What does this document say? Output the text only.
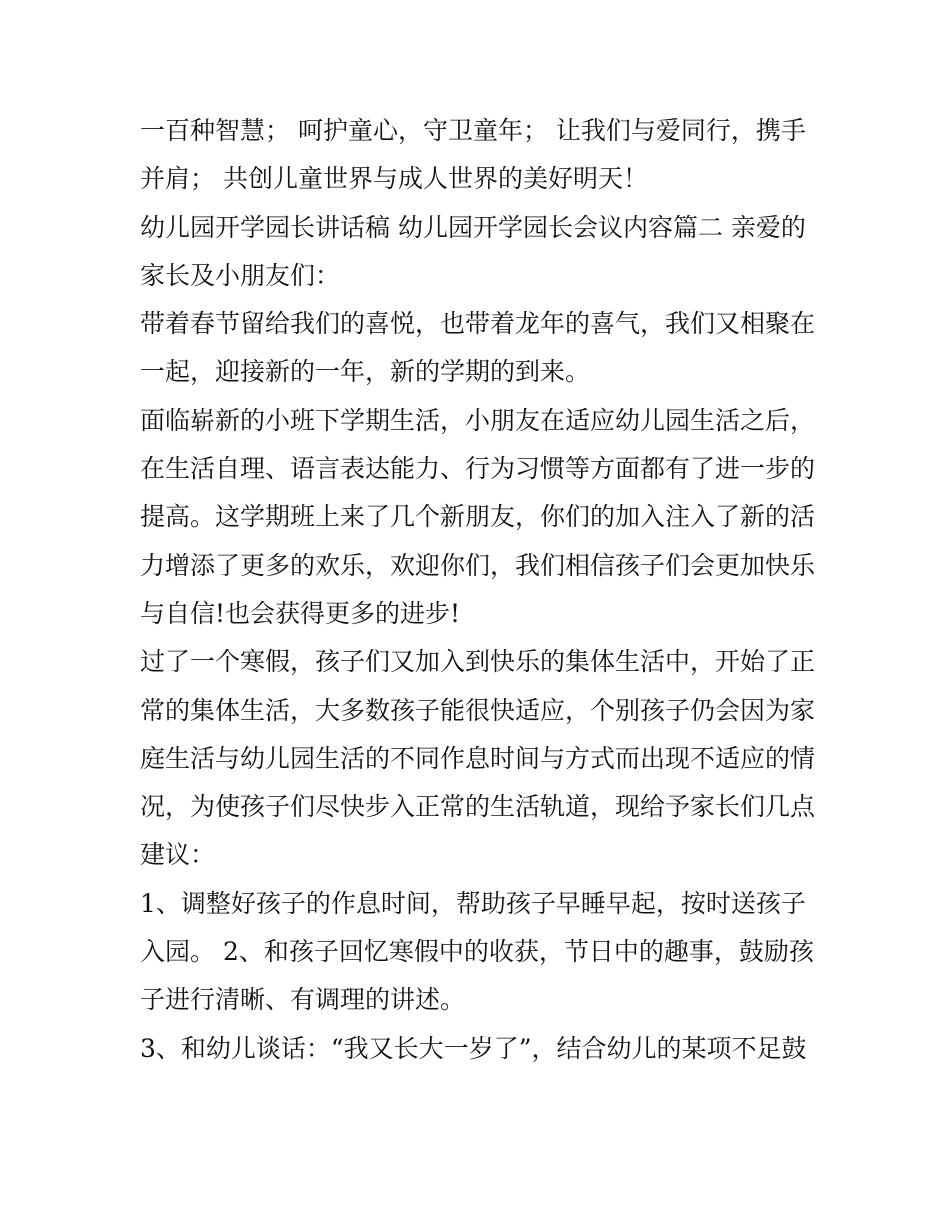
一百种智慧； 呵护童心，守卫童年； 让我们与爱同行，携手
并肩； 共创儿童世界与成人世界的美好明天！
幼儿园开学园长讲话稿 幼儿园开学园长会议内容篇二 亲爱的
家长及小朋友们：
带着春节留给我们的喜悦，也带着龙年的喜气，我们又相聚在
一起，迎接新的一年，新的学期的到来。
面临崭新的小班下学期生活，小朋友在适应幼儿园生活之后，
在生活自理、语言表达能力、行为习惯等方面都有了进一步的
提高。这学期班上来了几个新朋友，你们的加入注入了新的活
力增添了更多的欢乐，欢迎你们，我们相信孩子们会更加快乐
与自信!也会获得更多的进步!
过了一个寒假，孩子们又加入到快乐的集体生活中，开始了正
常的集体生活，大多数孩子能很快适应，个别孩子仍会因为家
庭生活与幼儿园生活的不同作息时间与方式而出现不适应的情
况，为使孩子们尽快步入正常的生活轨道，现给予家长们几点
建议：
1、调整好孩子的作息时间，帮助孩子早睡早起，按时送孩子
入园。 2、和孩子回忆寒假中的收获，节日中的趣事，鼓励孩
子进行清晰、有调理的讲述。
3、和幼儿谈话：“我又长大一岁了”，结合幼儿的某项不足鼓
